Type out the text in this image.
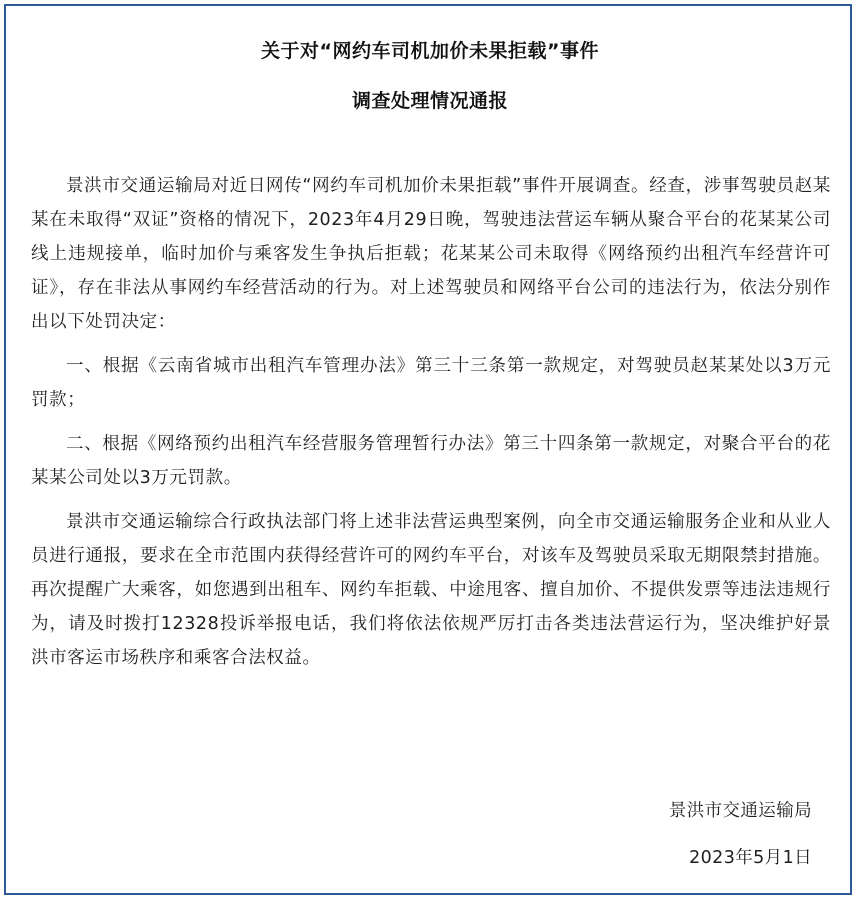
关于对“网约车司机加价未果拒载”事件
调查处理情况通报

景洪市交通运输局对近日网传“网约车司机加价未果拒载”事件开展调查。经查，涉事驾驶员赵某某在未取得“双证”资格的情况下，2023年4月29日晚，驾驶违法营运车辆从聚合平台的花某某公司线上违规接单，临时加价与乘客发生争执后拒载；花某某公司未取得《网络预约出租汽车经营许可证》，存在非法从事网约车经营活动的行为。对上述驾驶员和网络平台公司的违法行为，依法分别作出以下处罚决定：

一、根据《云南省城市出租汽车管理办法》第三十三条第一款规定，对驾驶员赵某某处以3万元罚款；

二、根据《网络预约出租汽车经营服务管理暂行办法》第三十四条第一款规定，对聚合平台的花某某公司处以3万元罚款。

景洪市交通运输综合行政执法部门将上述非法营运典型案例，向全市交通运输服务企业和从业人员进行通报，要求在全市范围内获得经营许可的网约车平台，对该车及驾驶员采取无期限禁封措施。再次提醒广大乘客，如您遇到出租车、网约车拒载、中途甩客、擅自加价、不提供发票等违法违规行为，请及时拨打12328投诉举报电话，我们将依法依规严厉打击各类违法营运行为，坚决维护好景洪市客运市场秩序和乘客合法权益。

景洪市交通运输局
2023年5月1日
